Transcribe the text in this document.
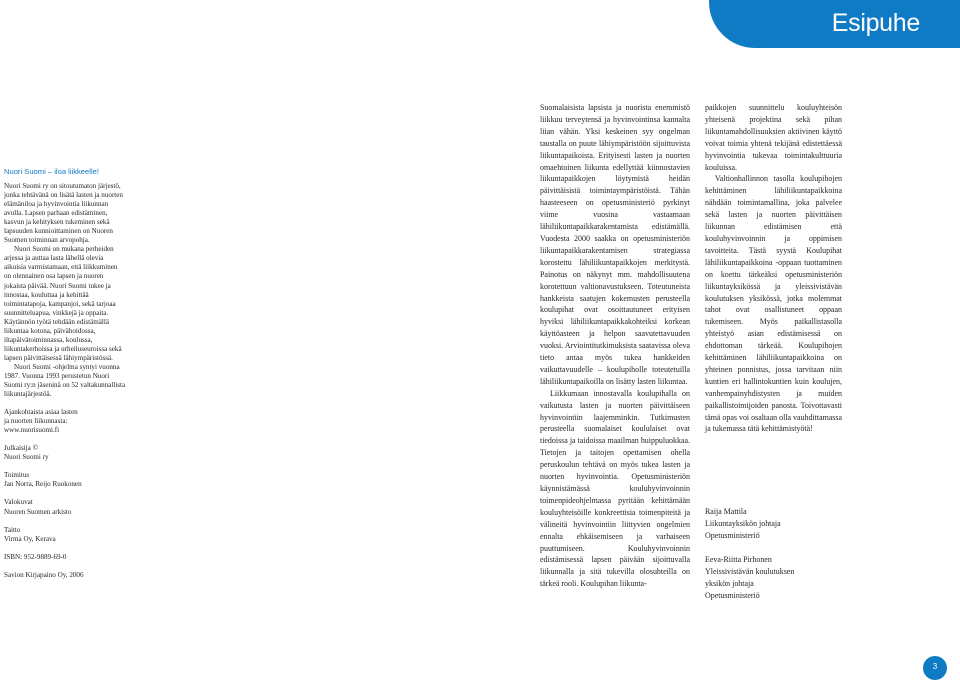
Esipuhe

Nuori Suomi – iloa liikkeelle!

Nuori Suomi ry on sitoutumaton järjestö, jonka tehtävänä on lisätä lasten ja nuorten elämäniloa ja hyvinvointia liikunnan avulla. Lapsen parhaan edistäminen, kasvun ja kehityksen tukeminen sekä lapsuuden kunnioittaminen on Nuoren Suomen toiminnan arvopohja.

Nuori Suomi on mukana perheiden arjessa ja auttaa lasta lähellä olevia aikuisia varmistamaan, että liikkuminen on olennainen osa lapsen ja nuoren jokaista päivää. Nuori Suomi tukee ja innostaa, kouluttaa ja kehittää toimintatapoja, kampanjoi, sekä tarjoaa suunnitteluapua, vinkkejä ja oppaita. Käytännön työtä tehdään edistämällä liikuntaa kotona, päivähoidossa, iltapäivätoiminnassa, koulussa, liikuntakerhoissa ja urheiluseuroissa sekä lapsen päivittäisessä lähiympäristössä.

Nuori Suomi -ohjelma syntyi vuonna 1987. Vuonna 1993 perustetun Nuori Suomi ry:n jäseninä on 52 valtakunnallista liikuntajärjestöä.

Ajankohtaista asiaa lasten

ja nuorten liikunnasta:

www.nuorisuomi.fi

Julkaisija ©

Nuori Suomi ry

Toimitus

Jan Norra, Reijo Ruokonen

Valokuvat

Nuoren Suomen arkisto

Taitto

Virma Oy, Kerava

ISBN: 952-9889-69-0

Savion Kirjapaino Oy, 2006

Suomalaisista lapsista ja nuorista enemmistö liikkuu terveytensä ja hyvinvointinsa kannalta liian vähän. Yksi keskeinen syy ongelman taustalla on puute lähiympäristöön sijoittuvista liikuntapaikoista. Erityisesti lasten ja nuorten omaehtoinen liikunta edellyttää kiinnostavien liikuntapaikkojen löytymistä heidän päivittäisistä toimintaympäristöistä. Tähän haasteeseen on opetusministeriö pyrkinyt viime vuosina vastaamaan lähiliikuntapaikkarakentamista edistämällä. Vuodesta 2000 saakka on opetusministeriön liikuntapaikkarakentamisen strategiassa korostettu lähiliikuntapaikkojen merkitystä. Painotus on näkynyt mm. mahdollisuutena korotettuun valtionavustukseen. Toteutuneista hankkeista saatujen kokemusten perusteella koulupihat ovat osoittautuneet erityisen hyviksi lähiliikuntapaikkakohteiksi korkean käyttöasteen ja helpon saavutettavuuden vuoksi. Arviointitutkimuksista saatavissa oleva tieto antaa myös tukea hankkeiden vaikuttavuudelle – koulupiholle toteutetuilla lähiliikuntapaikoilla on lisätty lasten liikuntaa.

Liikkumaan innostavalla koulupihalla on vaikutusta lasten ja nuorten päivittäiseen hyvinvointiin laajemminkin. Tutkimusten perusteella suomalaiset koululaiset ovat tiedoissa ja taidoissa maailman huippuluokkaa. Tietojen ja taitojen opettamisen ohella peruskoulun tehtävä on myös tukea lasten ja nuorten hyvinvointia. Opetusministeriön käynnistämässä kouluhyvinvoinnin toimenpideohjelmassa pyritään kehittämään kouluyhteisöille konkreettisia toimenpiteitä ja välineitä hyvinvointiin liittyvien ongelmien ennalta ehkäisemiseen ja varhaiseen puuttumiseen. Kouluhyvinvoinnin edistämisessä lapsen päivään sijoittuvalla liikunnalla ja sitä tukevilla olosuhteilla on tärkeä rooli. Koulupihan liikunta-

paikkojen suunnittelu kouluyhteisön yhteisenä projektina sekä pihan liikuntamahdollisuuksien aktiivinen käyttö voivat toimia yhtenä tekijänä edistettäessä hyvinvointia tukevaa toimintakulttuuria kouluissa.

Valtionhallinnon tasolla koulupihojen kehittäminen lähiliikuntapaikkoina nähdään toimintamallina, joka palvelee sekä lasten ja nuorten päivittäisen liikunnan edistämisen että kouluhyvinvoinnin ja oppimisen tavoitteita. Tästä syystä Koulupihat lähiliikuntapaikkoina -oppaan tuottaminen on koettu tärkeäksi opetusministeriön liikuntayksikössä ja yleissivistävän koulutuksen yksikössä, jotka molemmat tahot ovat osallistuneet oppaan tukemiseen. Myös paikallistasolla yhteistyö asian edistämisessä on ehdottoman tärkeää. Koulupihojen kehittäminen lähiliikuntapaikkoina on yhteinen ponnistus, jossa tarvitaan niin kuntien eri hallintokuntien kuin koulujen, vanhempainyhdistysten ja muiden paikallistoimijoiden panosta. Toivottavasti tämä opas voi osaltaan olla vauhdittamassa ja tukemassa tätä kehittämistyötä!

Raija Mattila

Liikuntayksikön johtaja

Opetusministeriö

Eeva-Riitta Pirhonen

Yleissivistävän koulutuksen

yksikön johtaja

Opetusministeriö

3
